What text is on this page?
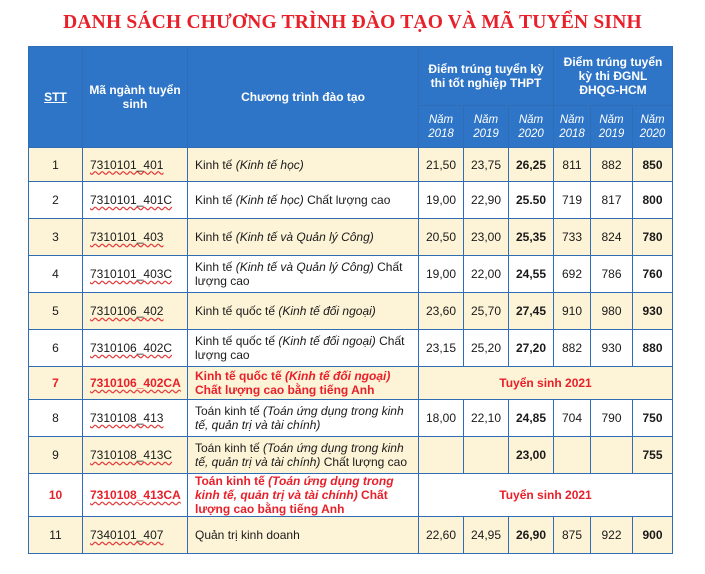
DANH SÁCH CHƯƠNG TRÌNH ĐÀO TẠO VÀ MÃ TUYỂN SINH
STT	Mã ngành tuyển sinh	Chương trình đào tạo	Điểm trúng tuyển kỳ thi tốt nghiệp THPT			Điểm trúng tuyển kỳ thi ĐGNL ĐHQG-HCM		
			Năm 2018	Năm 2019	Năm 2020	Năm 2018	Năm 2019	Năm 2020
1	7310101_401	Kinh tế (Kinh tế học)	21,50	23,75	26,25	811	882	850
2	7310101_401C	Kinh tế (Kinh tế học) Chất lượng cao	19,00	22,90	25.50	719	817	800
3	7310101_403	Kinh tế (Kinh tế và Quản lý Công)	20,50	23,00	25,35	733	824	780
4	7310101_403C	Kinh tế (Kinh tế và Quản lý Công) Chất lượng cao	19,00	22,00	24,55	692	786	760
5	7310106_402	Kinh tế quốc tế (Kinh tế đối ngoại)	23,60	25,70	27,45	910	980	930
6	7310106_402C	Kinh tế quốc tế (Kinh tế đối ngoại) Chất lượng cao	23,15	25,20	27,20	882	930	880
7	7310106_402CA	Kinh tế quốc tế (Kinh tế đối ngoại) Chất lượng cao bằng tiếng Anh	Tuyển sinh 2021					
8	7310108_413	Toán kinh tế (Toán ứng dụng trong kinh tế, quản trị và tài chính)	18,00	22,10	24,85	704	790	750
9	7310108_413C	Toán kinh tế (Toán ứng dụng trong kinh tế, quản trị và tài chính) Chất lượng cao			23,00			755
10	7310108_413CA	Toán kinh tế (Toán ứng dụng trong kinh tế, quản trị và tài chính) Chất lượng cao bằng tiếng Anh	Tuyển sinh 2021					
11	7340101_407	Quản trị kinh doanh	22,60	24,95	26,90	875	922	900
